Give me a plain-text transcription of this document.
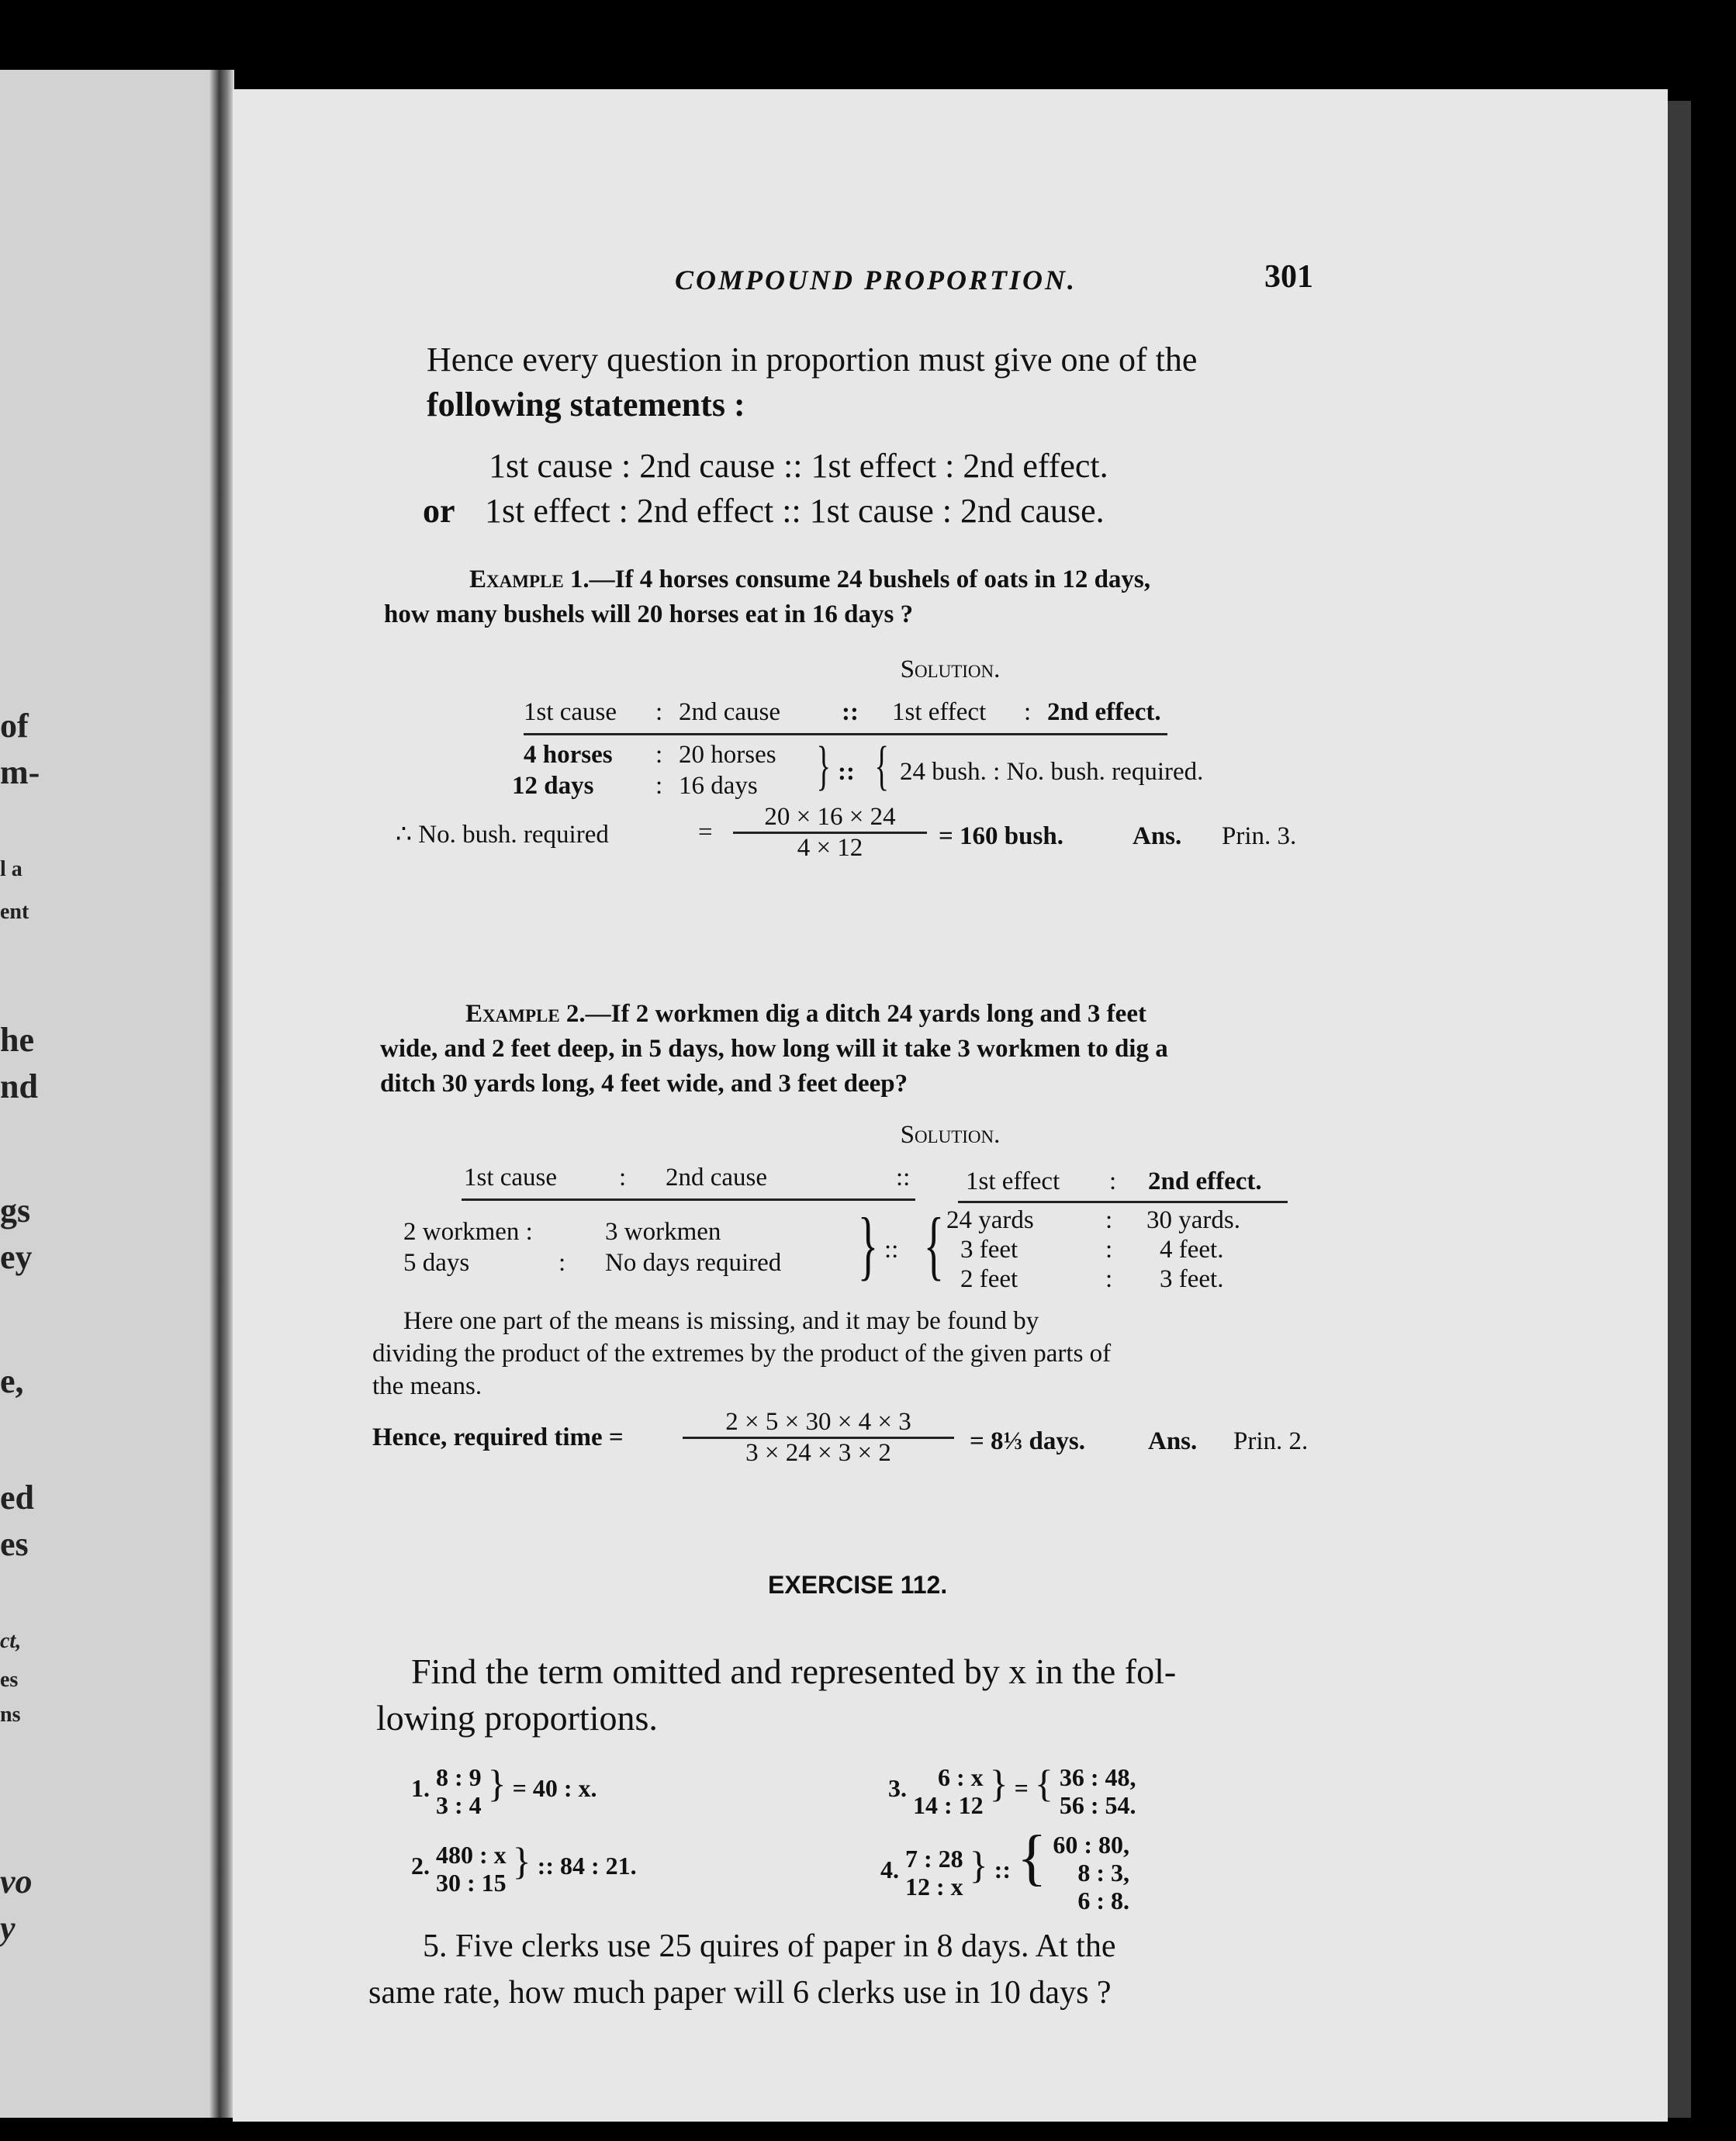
of
m-
l a
ent
he
nd
gs
ey
e,
ed
es
ct,
es
ns
vo
y
COMPOUND PROPORTION.	301
Hence every question in proportion must give one of the
following statements :
1st cause : 2nd cause :: 1st effect : 2nd effect.
or 1st effect : 2nd effect :: 1st cause : 2nd cause.
Example 1.—If 4 horses consume 24 bushels of oats in 12 days,
how many bushels will 20 horses eat in 16 days ?
Solution.
1st cause : 2nd cause :: 1st effect : 2nd effect.
4 horses : 20 horses
12 days : 16 days } :: { 24 bush. : No. bush. required.
∴ No. bush. required	= $\frac{20 \times 16 \times 24}{4 \times 12} = 160$ bush.	Ans. Prin. 3.
Example 2.—If 2 workmen dig a ditch 24 yards long and 3 feet
wide, and 2 feet deep, in 5 days, how long will it take 3 workmen to dig a
ditch 30 yards long, 4 feet wide, and 3 feet deep?
Solution.
1st cause : 2nd cause	:: 1st effect : 2nd effect.
2 workmen :	3 workmen
5 days	: No days required } :: { 24 yards	: 30 yards.
3 feet	: 4 feet.
2 feet	: 3 feet.
Here one part of the means is missing, and it may be found by
dividing the product of the extremes by the product of the given parts of
the means.
Hence, required time = $\frac{2 \times 5 \times 30 \times 4 \times 3}{3 \times 24 \times 3 \times 2}$ = 8⅓ days. Ans. Prin. 2.
EXERCISE 112.
Find the term omitted and represented by x in the fol-
lowing proportions.
1. 8 : 9
3 : 4 } = 40 : x.
2. 480 : x
30 : 15 } :: 84 : 21.
3. 6 : x
14 : 12 } = { 36 : 48,
56 : 54.
4. 7 : 28
12 : x } :: { 60 : 80,
8 : 3,
6 : 8.
5. Five clerks use 25 quires of paper in 8 days. At the
same rate, how much paper will 6 clerks use in 10 days ?
